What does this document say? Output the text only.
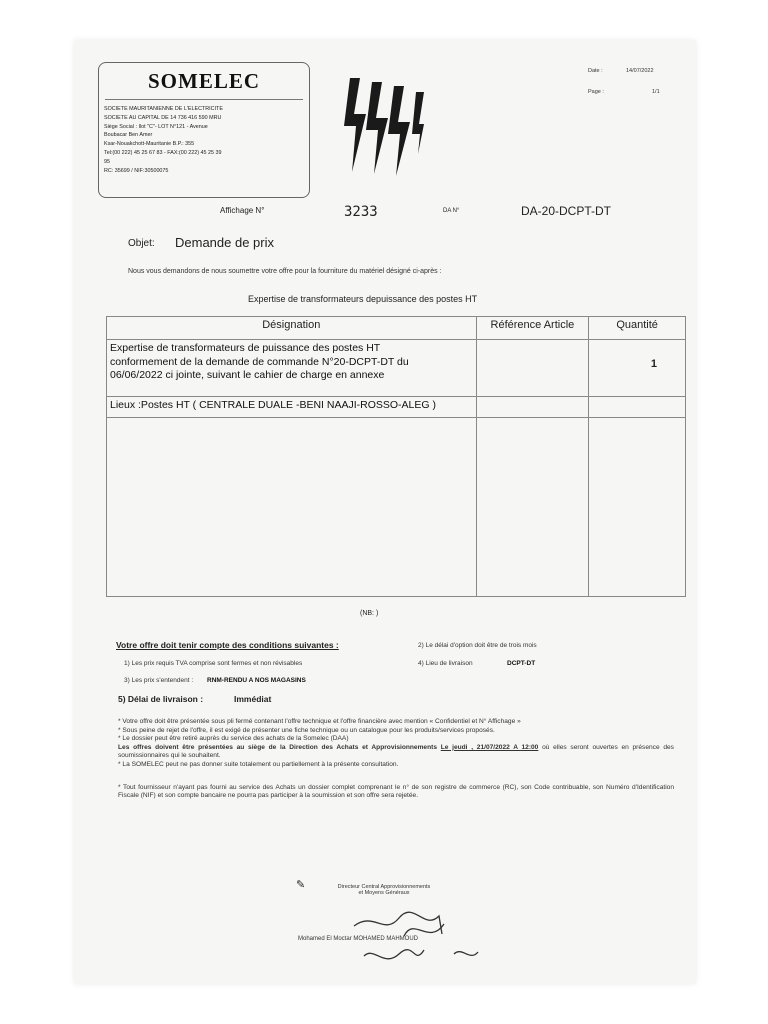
SOMELEC
SOCIETE MAURITANIENNE DE L'ELECTRICITE
SOCIETE AU CAPITAL DE 14 736 416 590 MRU
Siège Social : Ilot "C"- LOT N°121 - Avenue
Boubacar Ben Amer
Ksar-Nouakchott-Mauritanie B.P.: 355
Tel:(00 222) 45 25 67 83 - FAX:(00 222) 45 25 39
95
RC: 35699 / NIF:30500075
Date :	14/07/2022
Page :	1/1
Affichage N°	3233	DA N°	DA-20-DCPT-DT
Objet: Demande de prix
Nous vous demandons de nous soumettre votre offre pour la fourniture du matériel désigné ci-après :
Expertise de transformateurs depuissance des postes HT
Désignation	Référence Article	Quantité

Expertise de transformateurs de puissance des postes HT
conformement de la demande de commande N°20-DCPT-DT du
06/06/2022 ci jointe, suivant le cahier de charge en annexe		1
Lieux :Postes HT ( CENTRALE DUALE -BENI NAAJI-ROSSO-ALEG )		

(NB: )
Votre offre doit tenir compte des conditions suivantes :	2) Le délai d'option doit être de trois mois
1) Les prix requis TVA comprise sont fermes et non révisables	4) Lieu de livraison	DCPT-DT
3) Les prix s'entendent : RNM-RENDU A NOS MAGASINS
5) Délai de livraison :	Immédiat
* Votre offre doit être présentée sous pli fermé contenant l'offre technique et l'offre financière avec mention « Confidentiel et N° Affichage »
* Sous peine de rejet de l'offre, il est exigé de présenter une fiche technique ou un catalogue pour les produits/services proposés.
* Le dossier peut être retiré auprès du service des achats de la Somelec (DAA)
Les offres doivent être présentées au siège de la Direction des Achats et Approvisionnements Le jeudi , 21/07/2022 A 12:00 où elles seront ouvertes en présence des soumissionnaires qui le souhaitent.
* La SOMELEC peut ne pas donner suite totalement ou partiellement à la présente consultation.
* Tout fournisseur n'ayant pas fourni au service des Achats un dossier complet comprenant le n° de son registre de commerce (RC), son Code contribuable, son Numéro d'Identification Fiscale (NIF) et son compte bancaire ne pourra pas participer à la soumission et son offre sera rejetée.
✎	Directeur Central Approvisionnements
et Moyens Généraux
Mohamed El Moctar MOHAMED MAHMOUD
